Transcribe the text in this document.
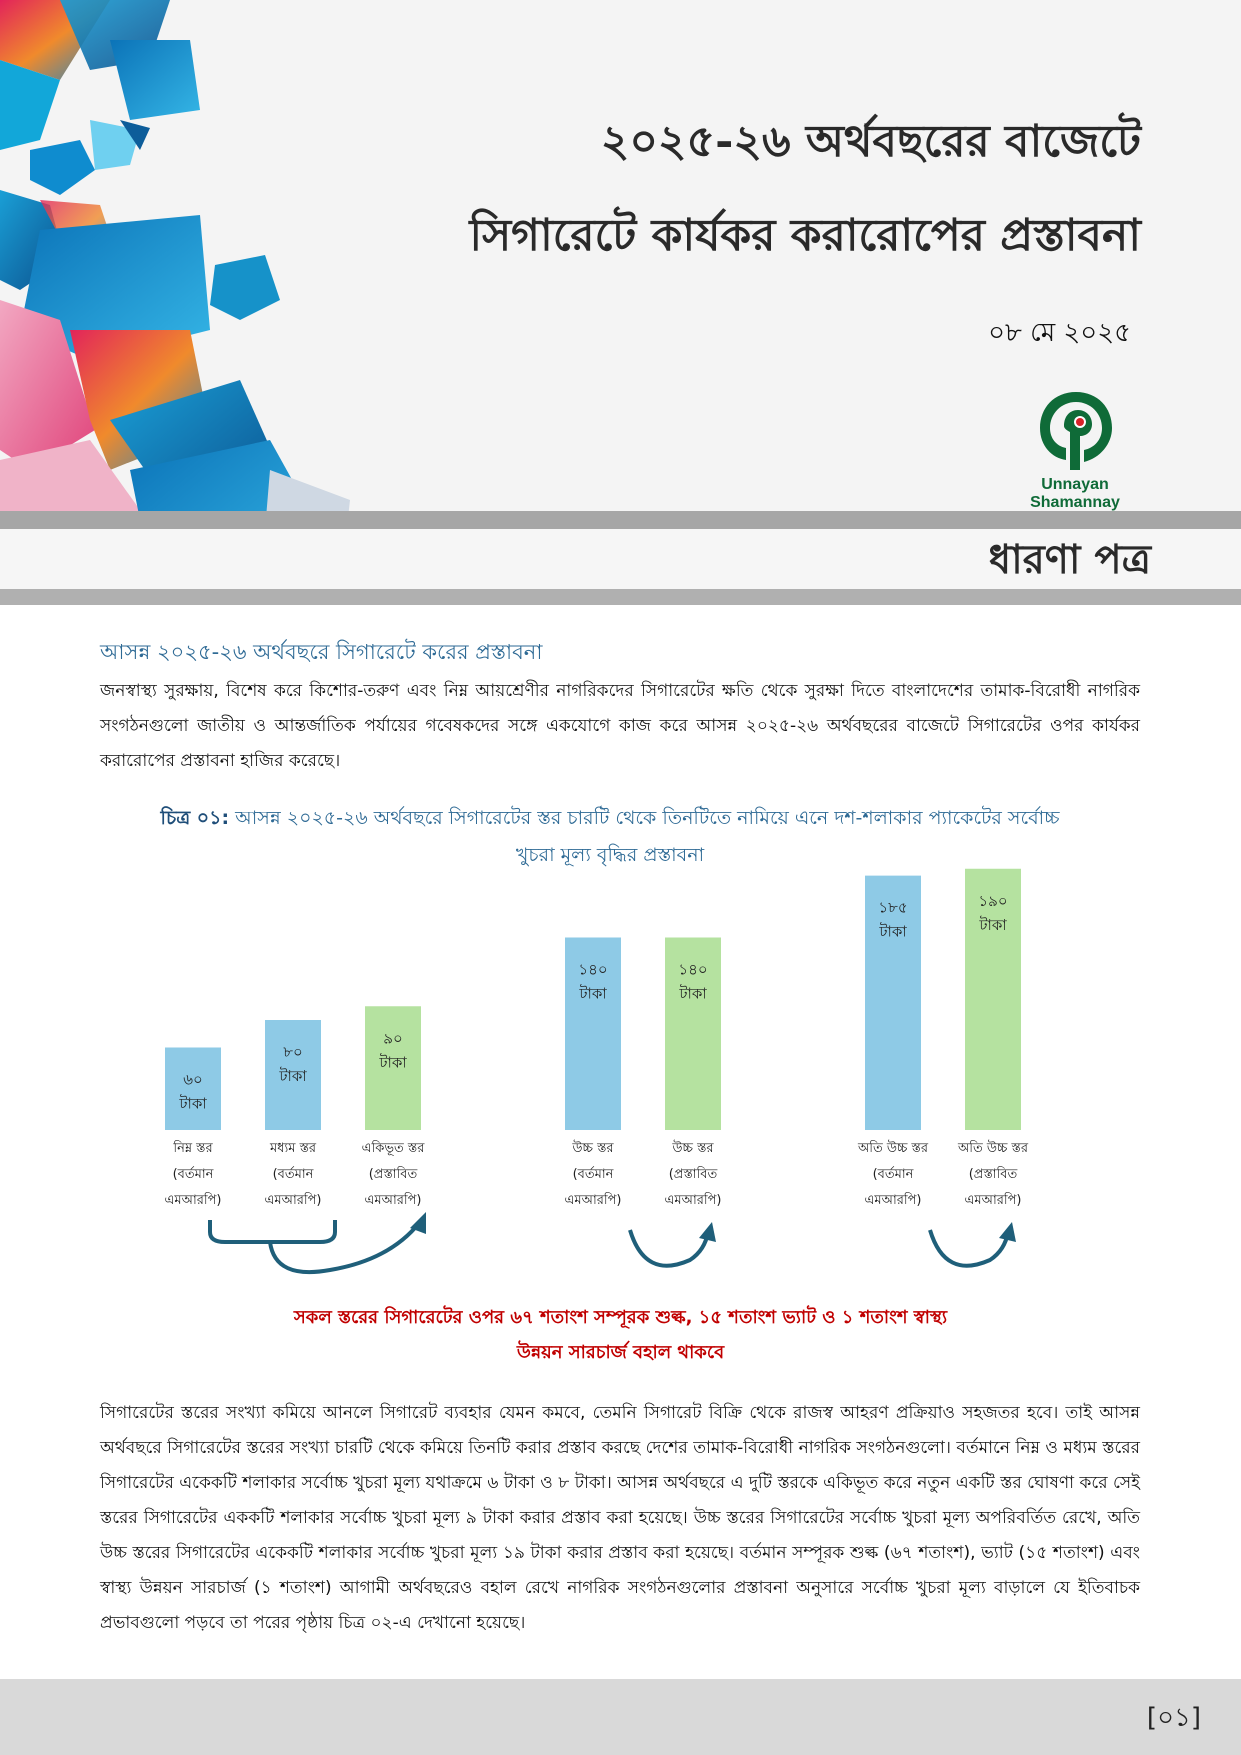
২০২৫-২৬ অর্থবছরের বাজেটে
সিগারেটে কার্যকর করারোপের প্রস্তাবনা
০৮ মে ২০২৫
Unnayan Shamannay
ধারণা পত্র
আসন্ন ২০২৫-২৬ অর্থবছরে সিগারেটে করের প্রস্তাবনা
জনস্বাস্থ্য সুরক্ষায়, বিশেষ করে কিশোর-তরুণ এবং নিম্ন আয়শ্রেণীর নাগরিকদের সিগারেটের ক্ষতি থেকে সুরক্ষা দিতে বাংলাদেশের তামাক-বিরোধী নাগরিক সংগঠনগুলো জাতীয় ও আন্তর্জাতিক পর্যায়ের গবেষকদের সঙ্গে একযোগে কাজ করে আসন্ন ২০২৫-২৬ অর্থবছরের বাজেটে সিগারেটের ওপর কার্যকর করারোপের প্রস্তাবনা হাজির করেছে।
চিত্র ০১: আসন্ন ২০২৫-২৬ অর্থবছরে সিগারেটের স্তর চারটি থেকে তিনটিতে নামিয়ে এনে দশ-শলাকার প্যাকেটের সর্বোচ্চ
খুচরা মূল্য বৃদ্ধির প্রস্তাবনা
৬০
টাকা
নিম্ন স্তর
(বর্তমান
এমআরপি)
৮০
টাকা
মধ্যম স্তর
(বর্তমান
এমআরপি)
৯০
টাকা
একিভূত স্তর
(প্রস্তাবিত
এমআরপি)
১৪০
টাকা
উচ্চ স্তর
(বর্তমান
এমআরপি)
১৪০
টাকা
উচ্চ স্তর
(প্রস্তাবিত
এমআরপি)
১৮৫
টাকা
অতি উচ্চ স্তর
(বর্তমান
এমআরপি)
১৯০
টাকা
অতি উচ্চ স্তর
(প্রস্তাবিত
এমআরপি)
সকল স্তরের সিগারেটের ওপর ৬৭ শতাংশ সম্পূরক শুল্ক, ১৫ শতাংশ ভ্যাট ও ১ শতাংশ স্বাস্থ্য
উন্নয়ন সারচার্জ বহাল থাকবে
সিগারেটের স্তরের সংখ্যা কমিয়ে আনলে সিগারেট ব্যবহার যেমন কমবে, তেমনি সিগারেট বিক্রি থেকে রাজস্ব আহরণ প্রক্রিয়াও সহজতর হবে। তাই আসন্ন অর্থবছরে সিগারেটের স্তরের সংখ্যা চারটি থেকে কমিয়ে তিনটি করার প্রস্তাব করছে দেশের তামাক-বিরোধী নাগরিক সংগঠনগুলো। বর্তমানে নিম্ন ও মধ্যম স্তরের সিগারেটের একেকটি শলাকার সর্বোচ্চ খুচরা মূল্য যথাক্রমে ৬ টাকা ও ৮ টাকা। আসন্ন অর্থবছরে এ দুটি স্তরকে একিভূত করে নতুন একটি স্তর ঘোষণা করে সেই স্তরের সিগারেটের এককটি শলাকার সর্বোচ্চ খুচরা মূল্য ৯ টাকা করার প্রস্তাব করা হয়েছে। উচ্চ স্তরের সিগারেটের সর্বোচ্চ খুচরা মূল্য অপরিবর্তিত রেখে, অতি উচ্চ স্তরের সিগারেটের একেকটি শলাকার সর্বোচ্চ খুচরা মূল্য ১৯ টাকা করার প্রস্তাব করা হয়েছে। বর্তমান সম্পূরক শুল্ক (৬৭ শতাংশ), ভ্যাট (১৫ শতাংশ) এবং স্বাস্থ্য উন্নয়ন সারচার্জ (১ শতাংশ) আগামী অর্থবছরেও বহাল রেখে নাগরিক সংগঠনগুলোর প্রস্তাবনা অনুসারে সর্বোচ্চ খুচরা মূল্য বাড়ালে যে ইতিবাচক প্রভাবগুলো পড়বে তা পরের পৃষ্ঠায় চিত্র ০২-এ দেখানো হয়েছে।
[০১]
